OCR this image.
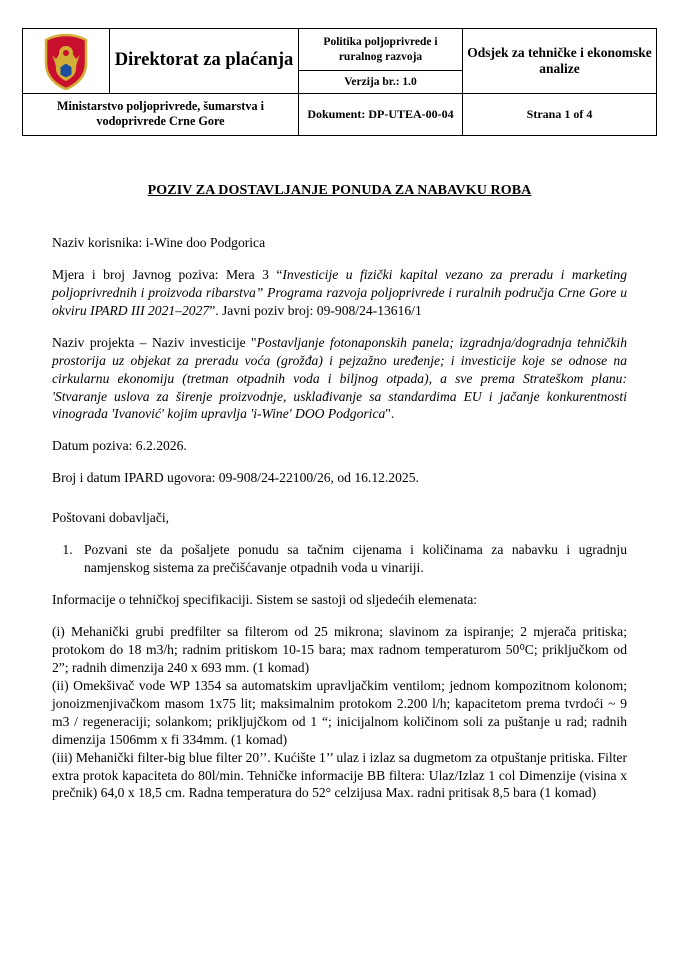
	Direktorat za plaćanja	Politika poljoprivrede i ruralnog razvoja	Odsjek za tehničke i ekonomske analize
		Verzija br.: 1.0	
Ministarstvo poljoprivrede, šumarstva i vodoprivrede Crne Gore		Dokument: DP-UTEA-00-04	Strana 1 of 4
POZIV ZA DOSTAVLJANJE PONUDA ZA NABAVKU ROBA

Naziv korisnika: i-Wine doo Podgorica

Mjera i broj Javnog poziva: Mera 3 “Investicije u fizički kapital vezano za preradu i marketing poljoprivrednih i proizvoda ribarstva” Programa razvoja poljoprivrede i ruralnih područja Crne Gore u okviru IPARD III 2021–2027”. Javni poziv broj: 09-908/24-13616/1

Naziv projekta – Naziv investicije "Postavljanje fotonaponskih panela; izgradnja/dogradnja tehničkih prostorija uz objekat za preradu voća (grožđa) i pejzažno uređenje; i investicije koje se odnose na cirkularnu ekonomiju (tretman otpadnih voda i biljnog otpada), a sve prema Strateškom planu: 'Stvaranje uslova za širenje proizvodnje, usklađivanje sa standardima EU i jačanje konkurentnosti vinograda 'Ivanović' kojim upravlja 'i-Wine' DOO Podgorica".

Datum poziva: 6.2.2026.

Broj i datum IPARD ugovora: 09-908/24-22100/26, od 16.12.2025.

Poštovani dobavljači,

1. Pozvani ste da pošaljete ponudu sa tačnim cijenama i količinama za nabavku i ugradnju namjenskog sistema za prečišćavanje otpadnih voda u vinariji.

Informacije o tehničkoj specifikaciji. Sistem se sastoji od sljedećih elemenata:

(i) Mehanički grubi predfilter sa filterom od 25 mikrona; slavinom za ispiranje; 2 mjerača pritiska; protokom do 18 m3/h; radnim pritiskom 10-15 bara; max radnom temperaturom 50⁰C; priključkom od 2”; radnih dimenzija 240 x 693 mm. (1 komad)

(ii) Omekšivač vode WP 1354 sa automatskim upravljačkim ventilom; jednom kompozitnom kolonom; jonoizmenjivačkom masom 1x75 lit; maksimalnim protokom 2.200 l/h; kapacitetom prema tvrdoći ~ 9 m3 / regeneraciji; solankom; prikljujčkom od 1 “; inicijalnom količinom soli za puštanje u rad; radnih dimenzija 1506mm x fi 334mm. (1 komad)

(iii) Mehanički filter-big blue filter 20’’. Kućište 1’’ ulaz i izlaz sa dugmetom za otpuštanje pritiska. Filter extra protok kapaciteta do 80l/min. Tehničke informacije BB filtera: Ulaz/Izlaz 1 col Dimenzije (visina x prečnik) 64,0 x 18,5 cm. Radna temperatura do 52° celzijusa Max. radni pritisak 8,5 bara (1 komad)
